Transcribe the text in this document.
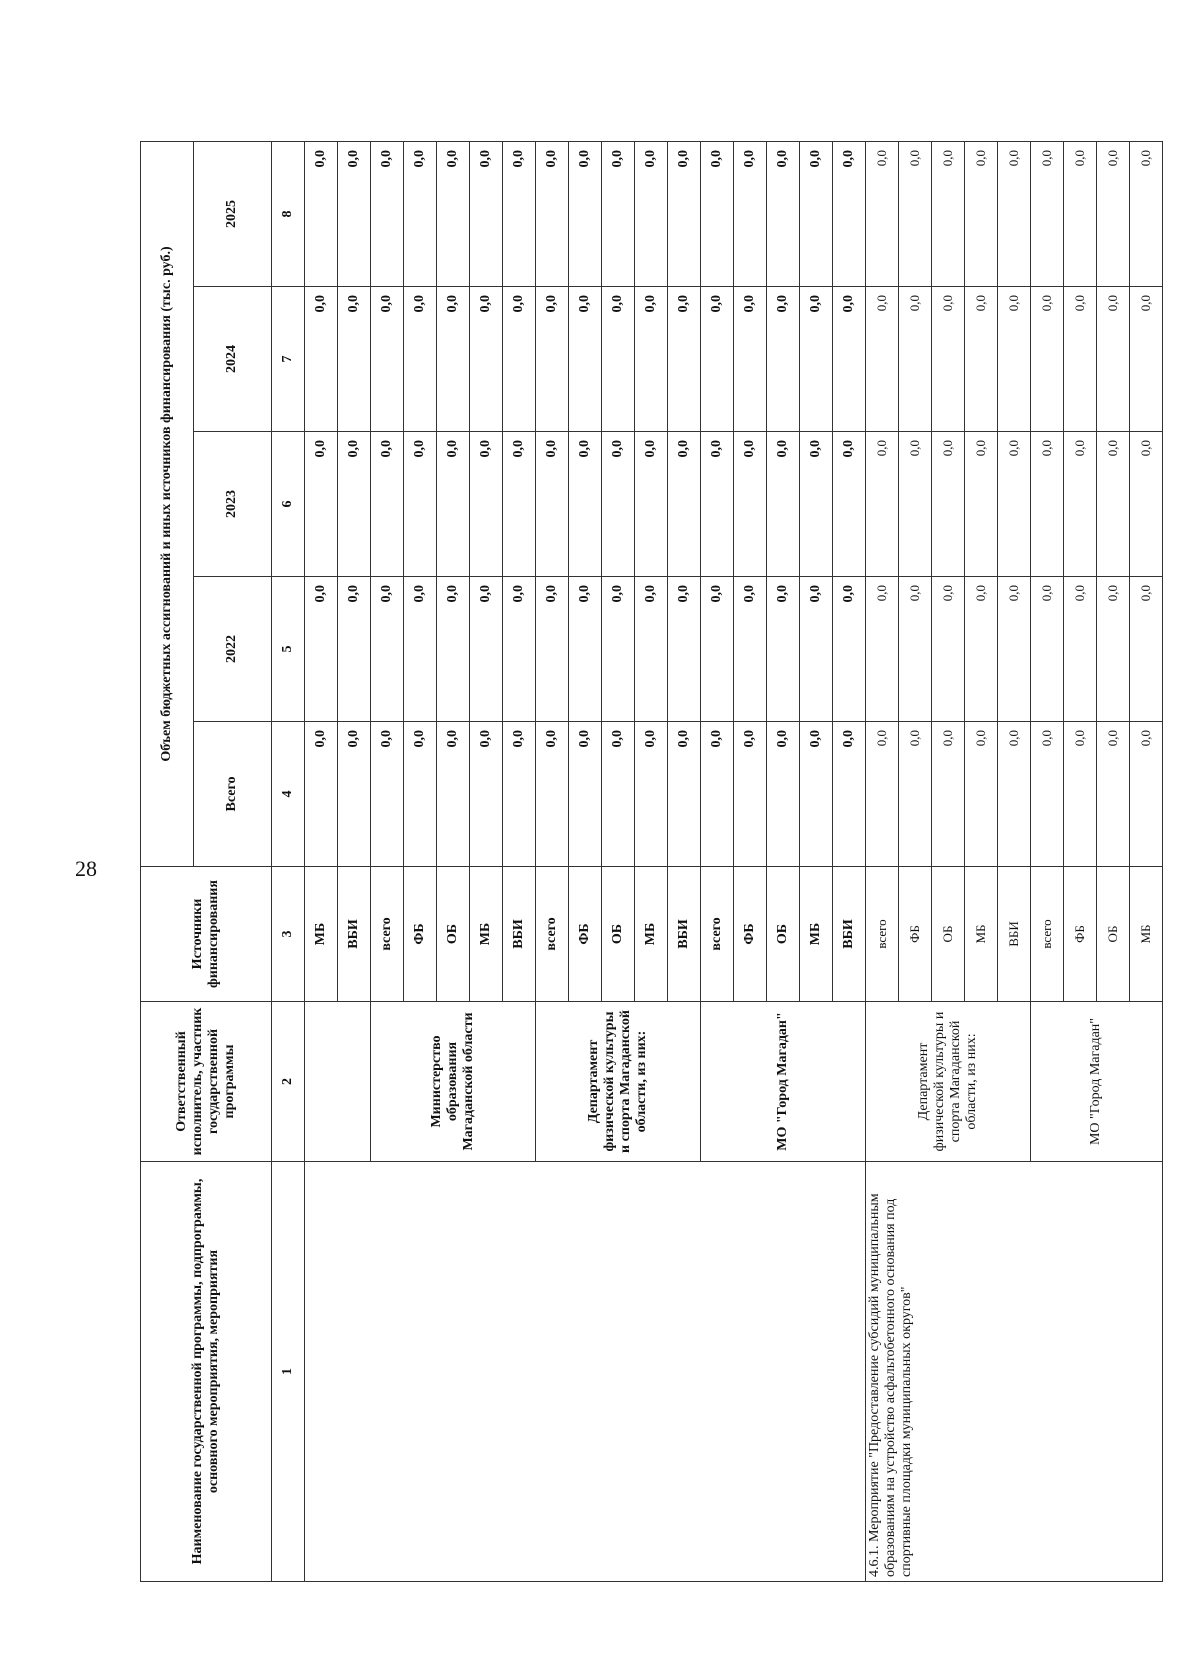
28
Наименование государственной программы, подпрограммы, основного мероприятия, мероприятия	Ответственный исполнитель, участник государственной программы	Источники финансирования	Объем бюджетных ассигнований и иных источников финансирования (тыс. руб.)				
			Всего	2022	2023	2024	2025
1	2	3	4	5	6	7	8
		МБ	0,0	0,0	0,0	0,0	0,0
		ВБИ	0,0	0,0	0,0	0,0	0,0
	Министерство образования Магаданской области	всего	0,0	0,0	0,0	0,0	0,0
		ФБ	0,0	0,0	0,0	0,0	0,0
		ОБ	0,0	0,0	0,0	0,0	0,0
		МБ	0,0	0,0	0,0	0,0	0,0
		ВБИ	0,0	0,0	0,0	0,0	0,0
	Департамент физической культуры и спорта Магаданской области, из них:	всего	0,0	0,0	0,0	0,0	0,0
		ФБ	0,0	0,0	0,0	0,0	0,0
		ОБ	0,0	0,0	0,0	0,0	0,0
		МБ	0,0	0,0	0,0	0,0	0,0
		ВБИ	0,0	0,0	0,0	0,0	0,0
	МО "Город Магадан"	всего	0,0	0,0	0,0	0,0	0,0
		ФБ	0,0	0,0	0,0	0,0	0,0
		ОБ	0,0	0,0	0,0	0,0	0,0
		МБ	0,0	0,0	0,0	0,0	0,0
		ВБИ	0,0	0,0	0,0	0,0	0,0
4.6.1. Мероприятие "Предоставление субсидий муниципальным образованиям на устройство асфальтобетонного основания под спортивные площадки муниципальных округов"	Департамент физической культуры и спорта Магаданской области, из них:	всего	0,0	0,0	0,0	0,0	0,0
		ФБ	0,0	0,0	0,0	0,0	0,0
		ОБ	0,0	0,0	0,0	0,0	0,0
		МБ	0,0	0,0	0,0	0,0	0,0
		ВБИ	0,0	0,0	0,0	0,0	0,0
	МО "Город Магадан"	всего	0,0	0,0	0,0	0,0	0,0
		ФБ	0,0	0,0	0,0	0,0	0,0
		ОБ	0,0	0,0	0,0	0,0	0,0
		МБ	0,0	0,0	0,0	0,0	0,0
